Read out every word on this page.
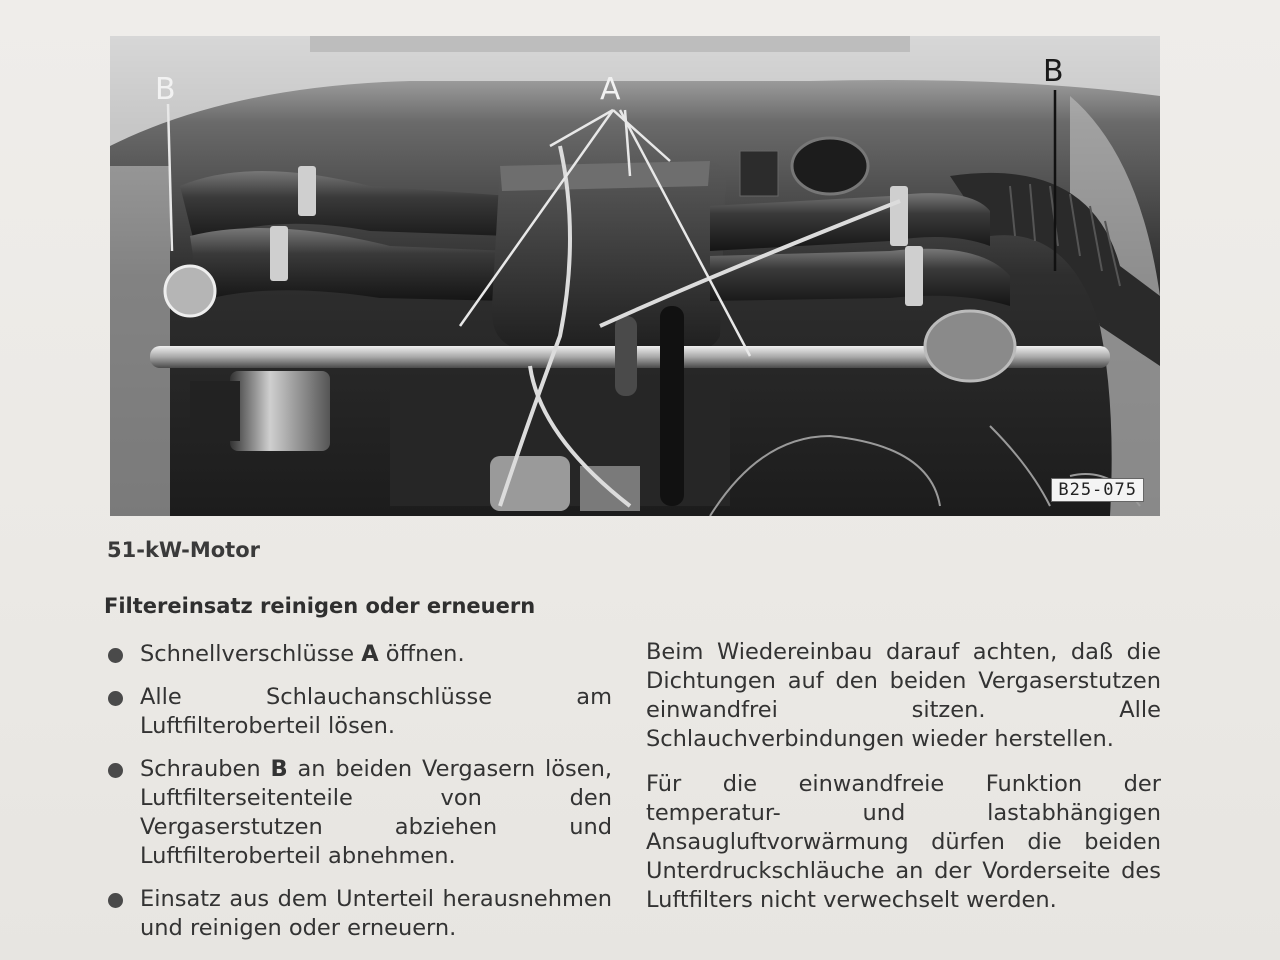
A
B
B
B25-075
51-kW-Motor
Filtereinsatz reinigen oder erneuern
Schnellverschlüsse A öffnen.
Alle Schlauchanschlüsse am Luftfilteroberteil lösen.
Schrauben B an beiden Vergasern lösen, Luftfilterseitenteile von den Vergaserstutzen abziehen und Luftfilteroberteil abnehmen.
Einsatz aus dem Unterteil herausnehmen und reinigen oder erneuern.

Beim Wiedereinbau darauf achten, daß die Dichtungen auf den beiden Vergaserstutzen einwandfrei sitzen. Alle Schlauchverbindungen wieder herstellen.

Für die einwandfreie Funktion der temperatur- und lastabhängigen Ansaugluftvorwärmung dürfen die beiden Unterdruckschläuche an der Vorderseite des Luftfilters nicht verwechselt werden.
